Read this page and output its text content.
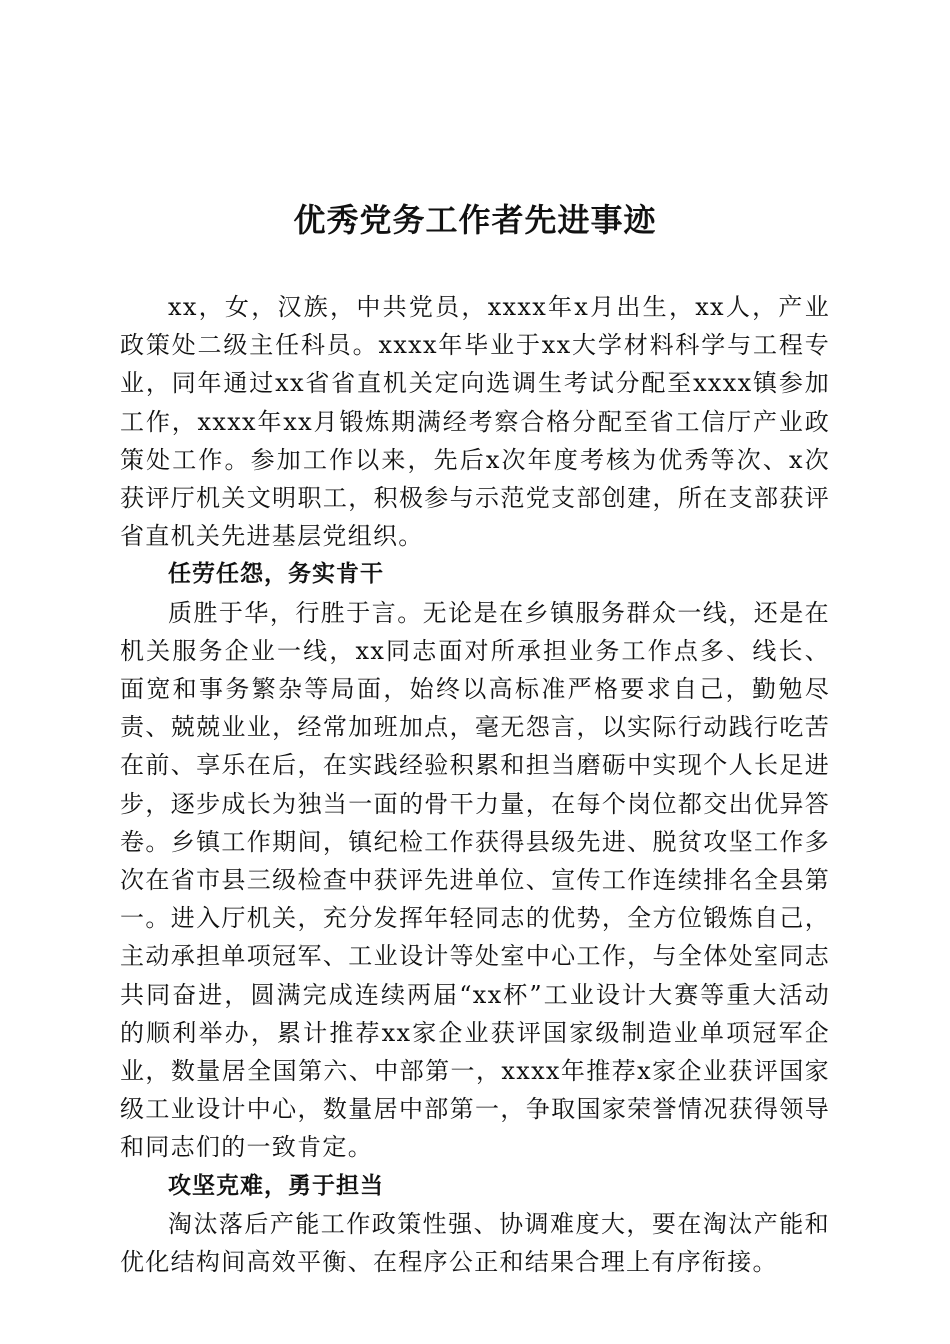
优秀党务工作者先进事迹

xx，女，汉族，中共党员，xxxx年x月出生，xx人，产业政策处二级主任科员。xxxx年毕业于xx大学材料科学与工程专业，同年通过xx省省直机关定向选调生考试分配至xxxx镇参加工作，xxxx年xx月锻炼期满经考察合格分配至省工信厅产业政策处工作。参加工作以来，先后x次年度考核为优秀等次、x次获评厅机关文明职工，积极参与示范党支部创建，所在支部获评省直机关先进基层党组织。

任劳任怨，务实肯干

质胜于华，行胜于言。无论是在乡镇服务群众一线，还是在机关服务企业一线，xx同志面对所承担业务工作点多、线长、面宽和事务繁杂等局面，始终以高标准严格要求自己，勤勉尽责、兢兢业业，经常加班加点，毫无怨言，以实际行动践行吃苦在前、享乐在后，在实践经验积累和担当磨砺中实现个人长足进步，逐步成长为独当一面的骨干力量，在每个岗位都交出优异答卷。乡镇工作期间，镇纪检工作获得县级先进、脱贫攻坚工作多次在省市县三级检查中获评先进单位、宣传工作连续排名全县第一。进入厅机关，充分发挥年轻同志的优势，全方位锻炼自己，主动承担单项冠军、工业设计等处室中心工作，与全体处室同志共同奋进，圆满完成连续两届“xx杯”工业设计大赛等重大活动的顺利举办，累计推荐xx家企业获评国家级制造业单项冠军企业，数量居全国第六、中部第一，xxxx年推荐x家企业获评国家级工业设计中心，数量居中部第一，争取国家荣誉情况获得领导和同志们的一致肯定。

攻坚克难，勇于担当

淘汰落后产能工作政策性强、协调难度大，要在淘汰产能和优化结构间高效平衡、在程序公正和结果合理上有序衔接。
